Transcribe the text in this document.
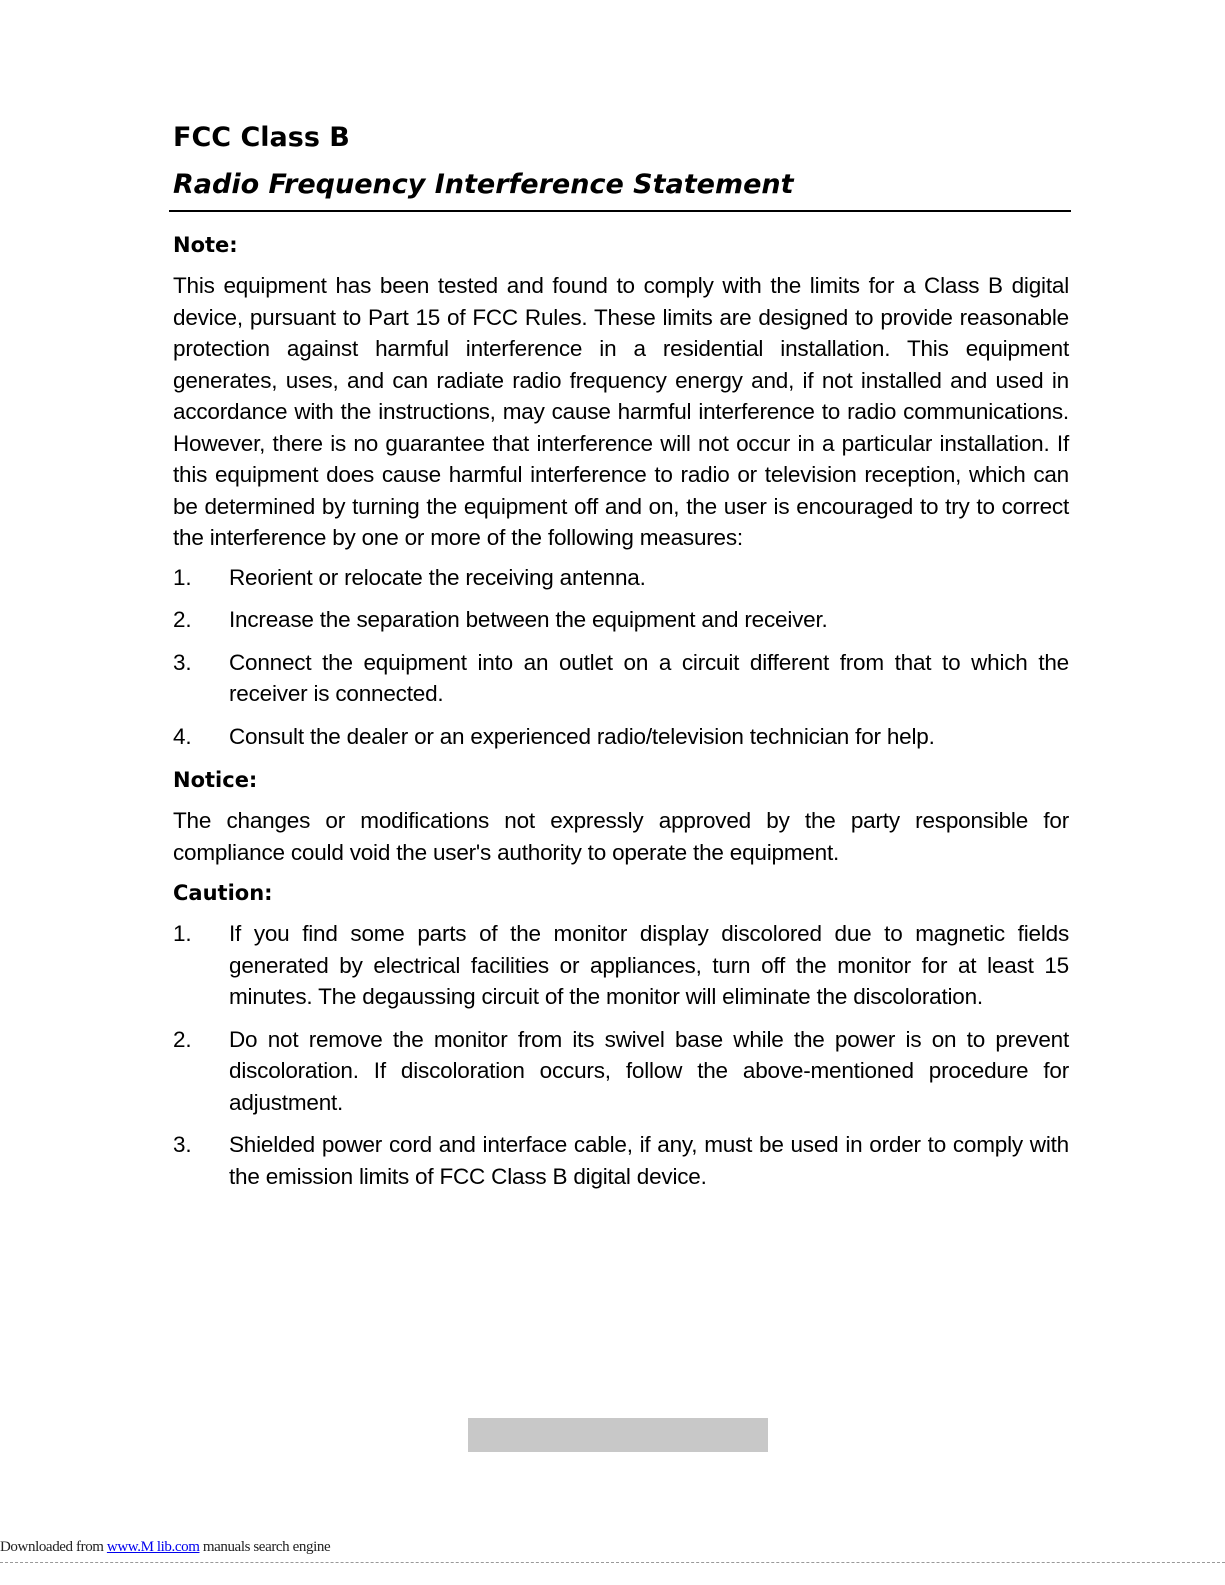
FCC Class B
Radio Frequency Interference Statement
Note:

This equipment has been tested and found to comply with the limits for a Class B digital device, pursuant to Part 15 of FCC Rules. These limits are designed to provide reasonable protection against harmful interference in a residential installation. This equipment generates, uses, and can radiate radio frequency energy and, if not installed and used in accordance with the instructions, may cause harmful interference to radio communications. However, there is no guarantee that interference will not occur in a particular installation. If this equipment does cause harmful interference to radio or television reception, which can be determined by turning the equipment off and on, the user is encouraged to try to correct the interference by one or more of the following measures:

1. Reorient or relocate the receiving antenna.
2. Increase the separation between the equipment and receiver.
3. Connect the equipment into an outlet on a circuit different from that to which the receiver is connected.
4. Consult the dealer or an experienced radio/television technician for help.
Notice:

The changes or modifications not expressly approved by the party responsible for compliance could void the user's authority to operate the equipment.

Caution:
1. If you find some parts of the monitor display discolored due to magnetic fields generated by electrical facilities or appliances, turn off the monitor for at least 15 minutes. The degaussing circuit of the monitor will eliminate the discoloration.
2. Do not remove the monitor from its swivel base while the power is on to prevent discoloration. If discoloration occurs, follow the above-mentioned procedure for adjustment.
3. Shielded power cord and interface cable, if any, must be used in order to comply with the emission limits of FCC Class B digital device.
Downloaded from www.M lib.com manuals search engine
